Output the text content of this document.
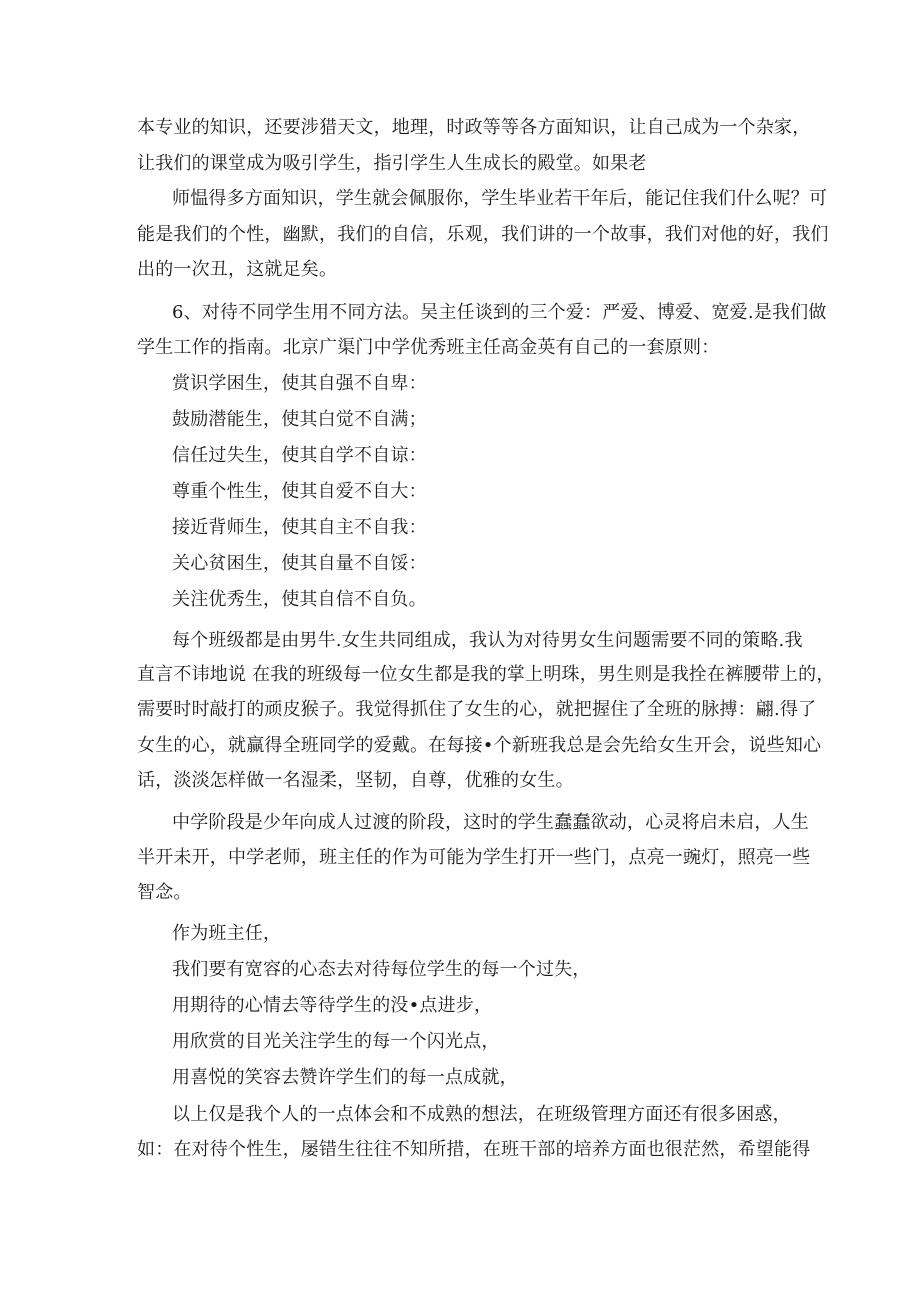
本专业的知识，还要涉猎天文，地理，时政等等各方面知识，让自己成为一个杂家，
让我们的课堂成为吸引学生，指引学生人生成长的殿堂。如果老
师愠得多方面知识，学生就会佩服你，学生毕业若干年后，能记住我们什么呢？可
能是我们的个性，幽默，我们的自信，乐观，我们讲的一个故事，我们对他的好，我们
出的一次丑，这就足矣。
6、对待不同学生用不同方法。吴主任谈到的三个爱：严爱、博爱、宽爱.是我们做
学生工作的指南。北京广渠门中学优秀班主任高金英有自己的一套原则：
赏识学困生，使其自强不自卑：
鼓励潜能生，使其白觉不自满；
信任过失生，使其自学不自谅：
尊重个性生，使其自爱不自大：
接近背师生，使其自主不自我：
关心贫困生，使其自量不自馁：
关注优秀生，使其自信不自负。
每个班级都是由男牛.女生共同组成，我认为对待男女生问题需要不同的策略.我
直言不讳地说 在我的班级每一位女生都是我的掌上明珠，男生则是我拴在裤腰带上的，
需要时时敲打的顽皮猴子。我觉得抓住了女生的心，就把握住了全班的脉搏：翩.得了
女生的心，就赢得全班同学的爱戴。在每接•个新班我总是会先给女生开会，说些知心
话，淡淡怎样做一名湿柔，坚韧，自尊，优雅的女生。
中学阶段是少年向成人过渡的阶段，这时的学生蠢蠢欲动，心灵将启未启，人生
半开未开，中学老师，班主任的作为可能为学生打开一些门，点亮一豌灯，照亮一些
智念。
作为班主任，
我们要有宽容的心态去对待每位学生的每一个过失，
用期待的心情去等待学生的没•点进步，
用欣赏的目光关注学生的每一个闪光点，
用喜悦的笑容去赞许学生们的每一点成就，
以上仅是我个人的一点体会和不成熟的想法，在班级管理方面还有很多困惑，
如：在对待个性生，屡错生往往不知所措，在班干部的培养方面也很茫然，希望能得
